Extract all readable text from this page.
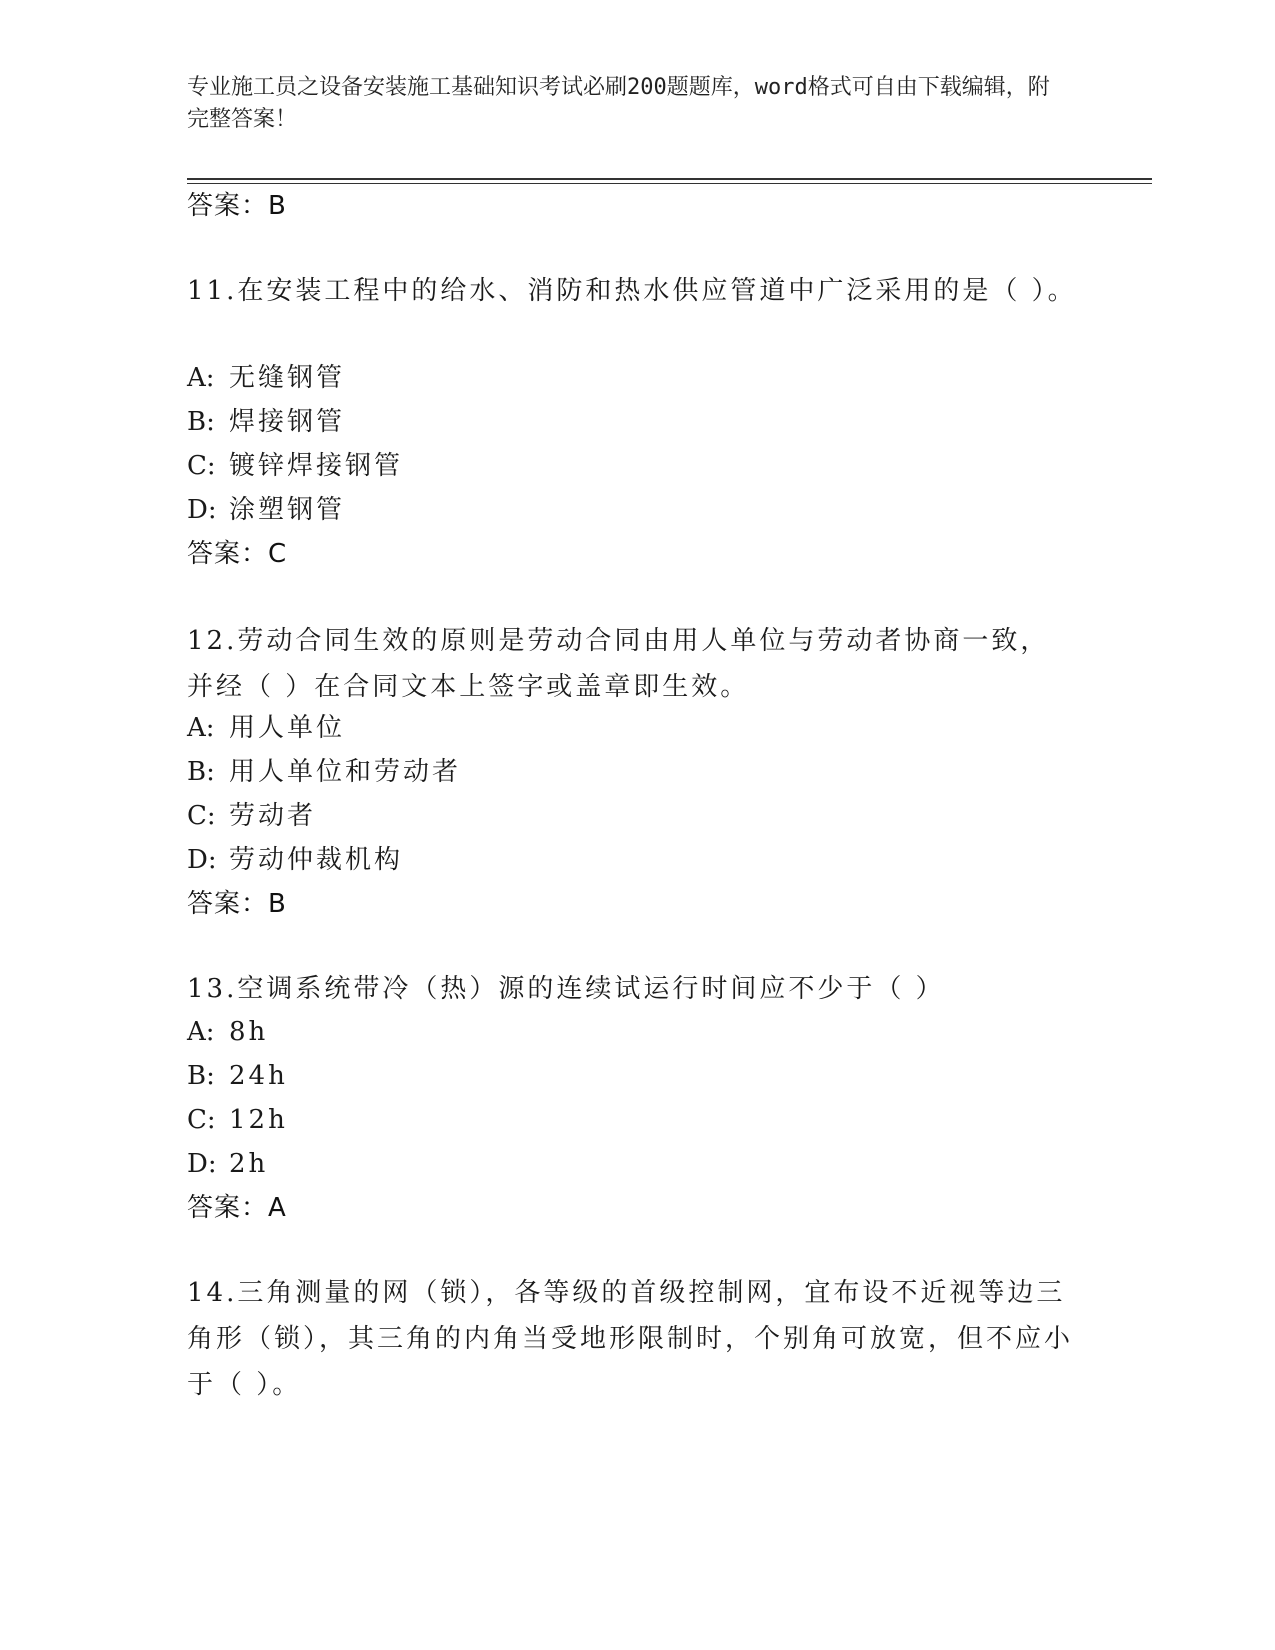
专业施工员之设备安装施工基础知识考试必刷200题题库，word格式可自由下载编辑，附完整答案！
答案：B
11.在安装工程中的给水、消防和热水供应管道中广泛采用的是（ ）。
A: 无缝钢管
B: 焊接钢管
C: 镀锌焊接钢管
D: 涂塑钢管
答案：C
12.劳动合同生效的原则是劳动合同由用人单位与劳动者协商一致，并经（ ）在合同文本上签字或盖章即生效。
A: 用人单位
B: 用人单位和劳动者
C: 劳动者
D: 劳动仲裁机构
答案：B
13.空调系统带冷（热）源的连续试运行时间应不少于（ ）
A: 8h
B: 24h
C: 12h
D: 2h
答案：A
14.三角测量的网（锁），各等级的首级控制网，宜布设不近视等边三角形（锁），其三角的内角当受地形限制时，个别角可放宽，但不应小于（ ）。
